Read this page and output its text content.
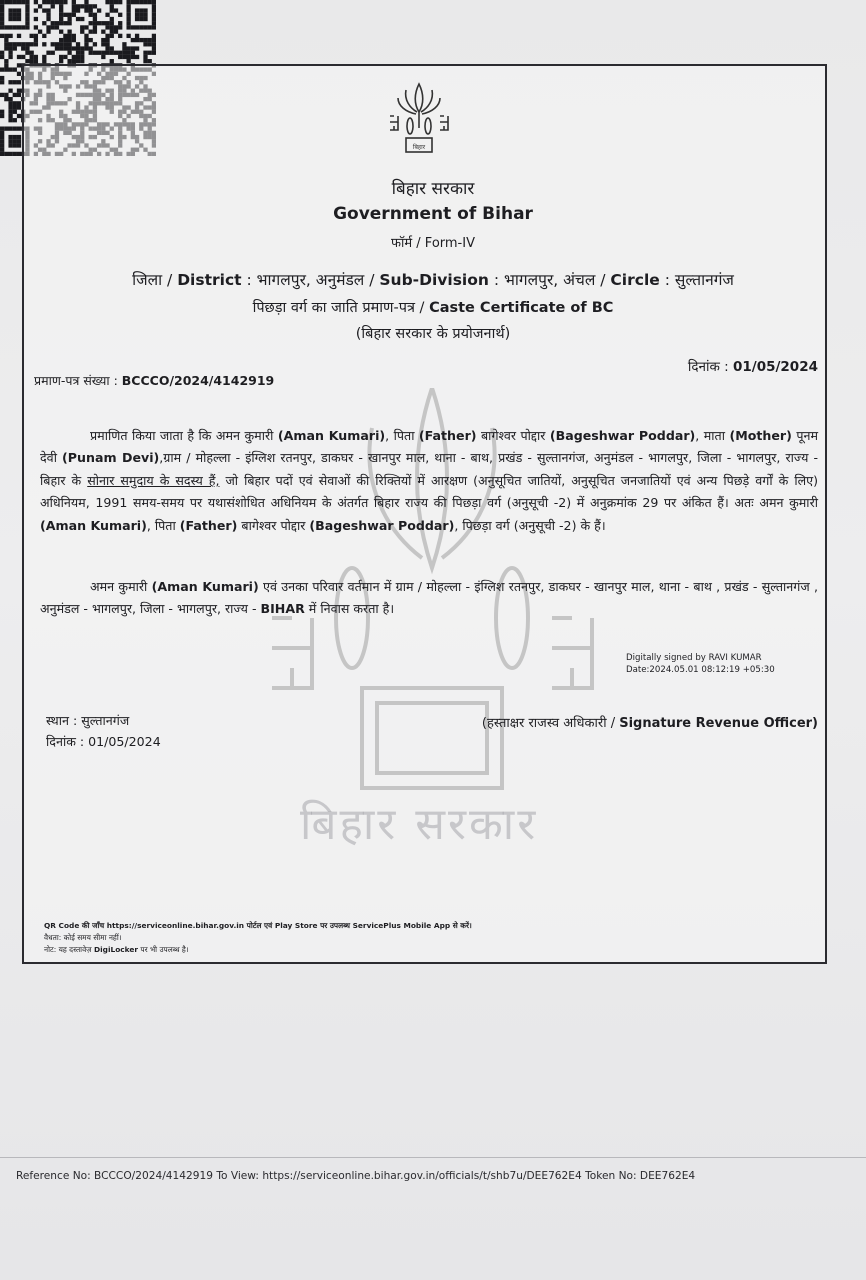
बिहार सरकार
बिहार
बिहार सरकार
Government of Bihar
फॉर्म / Form-IV
जिला / District : भागलपुर, अनुमंडल / Sub-Division : भागलपुर, अंचल / Circle : सुल्तानगंज
पिछड़ा वर्ग का जाति प्रमाण-पत्र / Caste Certificate of BC
(बिहार सरकार के प्रयोजनार्थ)
प्रमाण-पत्र संख्या : BCCCO/2024/4142919
दिनांक : 01/05/2024
प्रमाणित किया जाता है कि अमन कुमारी (Aman Kumari), पिता (Father) बागेश्वर पोद्दार (Bageshwar Poddar), माता (Mother) पूनम देवी (Punam Devi),ग्राम / मोहल्ला - इंग्लिश रतनपुर, डाकघर - खानपुर माल, थाना - बाथ, प्रखंड - सुल्तानगंज, अनुमंडल - भागलपुर, जिला - भागलपुर, राज्य - बिहार के सोनार समुदाय के सदस्य हैं, जो बिहार पदों एवं सेवाओं की रिक्तियों में आरक्षण (अनुसूचित जातियों, अनुसूचित जनजातियों एवं अन्य पिछड़े वर्गों के लिए) अधिनियम, 1991 समय-समय पर यथासंशोधित अधिनियम के अंतर्गत बिहार राज्य की पिछड़ा वर्ग (अनुसूची -2) में अनुक्रमांक 29 पर अंकित हैं। अतः अमन कुमारी (Aman Kumari), पिता (Father) बागेश्वर पोद्दार (Bageshwar Poddar), पिछड़ा वर्ग (अनुसूची -2) के हैं।
अमन कुमारी (Aman Kumari) एवं उनका परिवार वर्तमान में ग्राम / मोहल्ला - इंग्लिश रतनपुर, डाकघर - खानपुर माल, थाना - बाथ , प्रखंड - सुल्तानगंज , अनुमंडल - भागलपुर, जिला - भागलपुर, राज्य - BIHAR में निवास करता है।
Digitally signed by RAVI KUMAR
Date:2024.05.01 08:12:19 +05:30
स्थान : सुल्तानगंज
दिनांक : 01/05/2024
(हस्ताक्षर राजस्व अधिकारी / Signature Revenue Officer)
QR Code की जाँच https://serviceonline.bihar.gov.in पोर्टल एवं Play Store पर उपलब्ध ServicePlus Mobile App से करें।
वैधता: कोई समय सीमा नहीं।
नोट: यह दस्तावेज़ DigiLocker पर भी उपलब्ध है।
Reference No: BCCCO/2024/4142919 To View: https://serviceonline.bihar.gov.in/officials/t/shb7u/DEE762E4 Token No: DEE762E4
